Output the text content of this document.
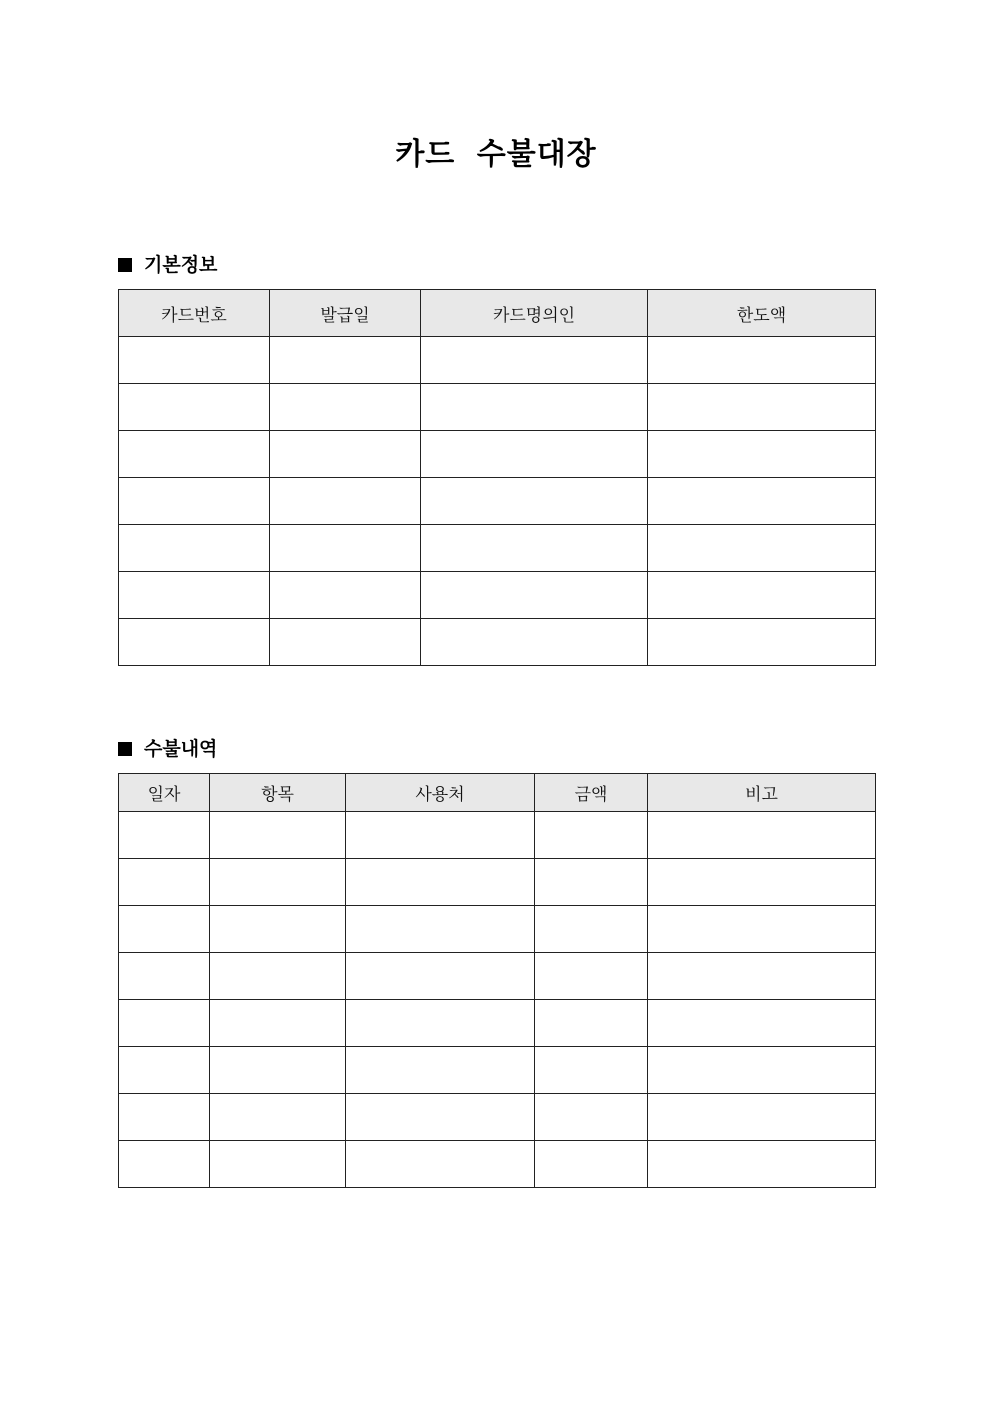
카드 수불대장
기본정보
카드번호	발급일	카드명의인	한도액

수불내역
일자	항목	사용처	금액	비고
